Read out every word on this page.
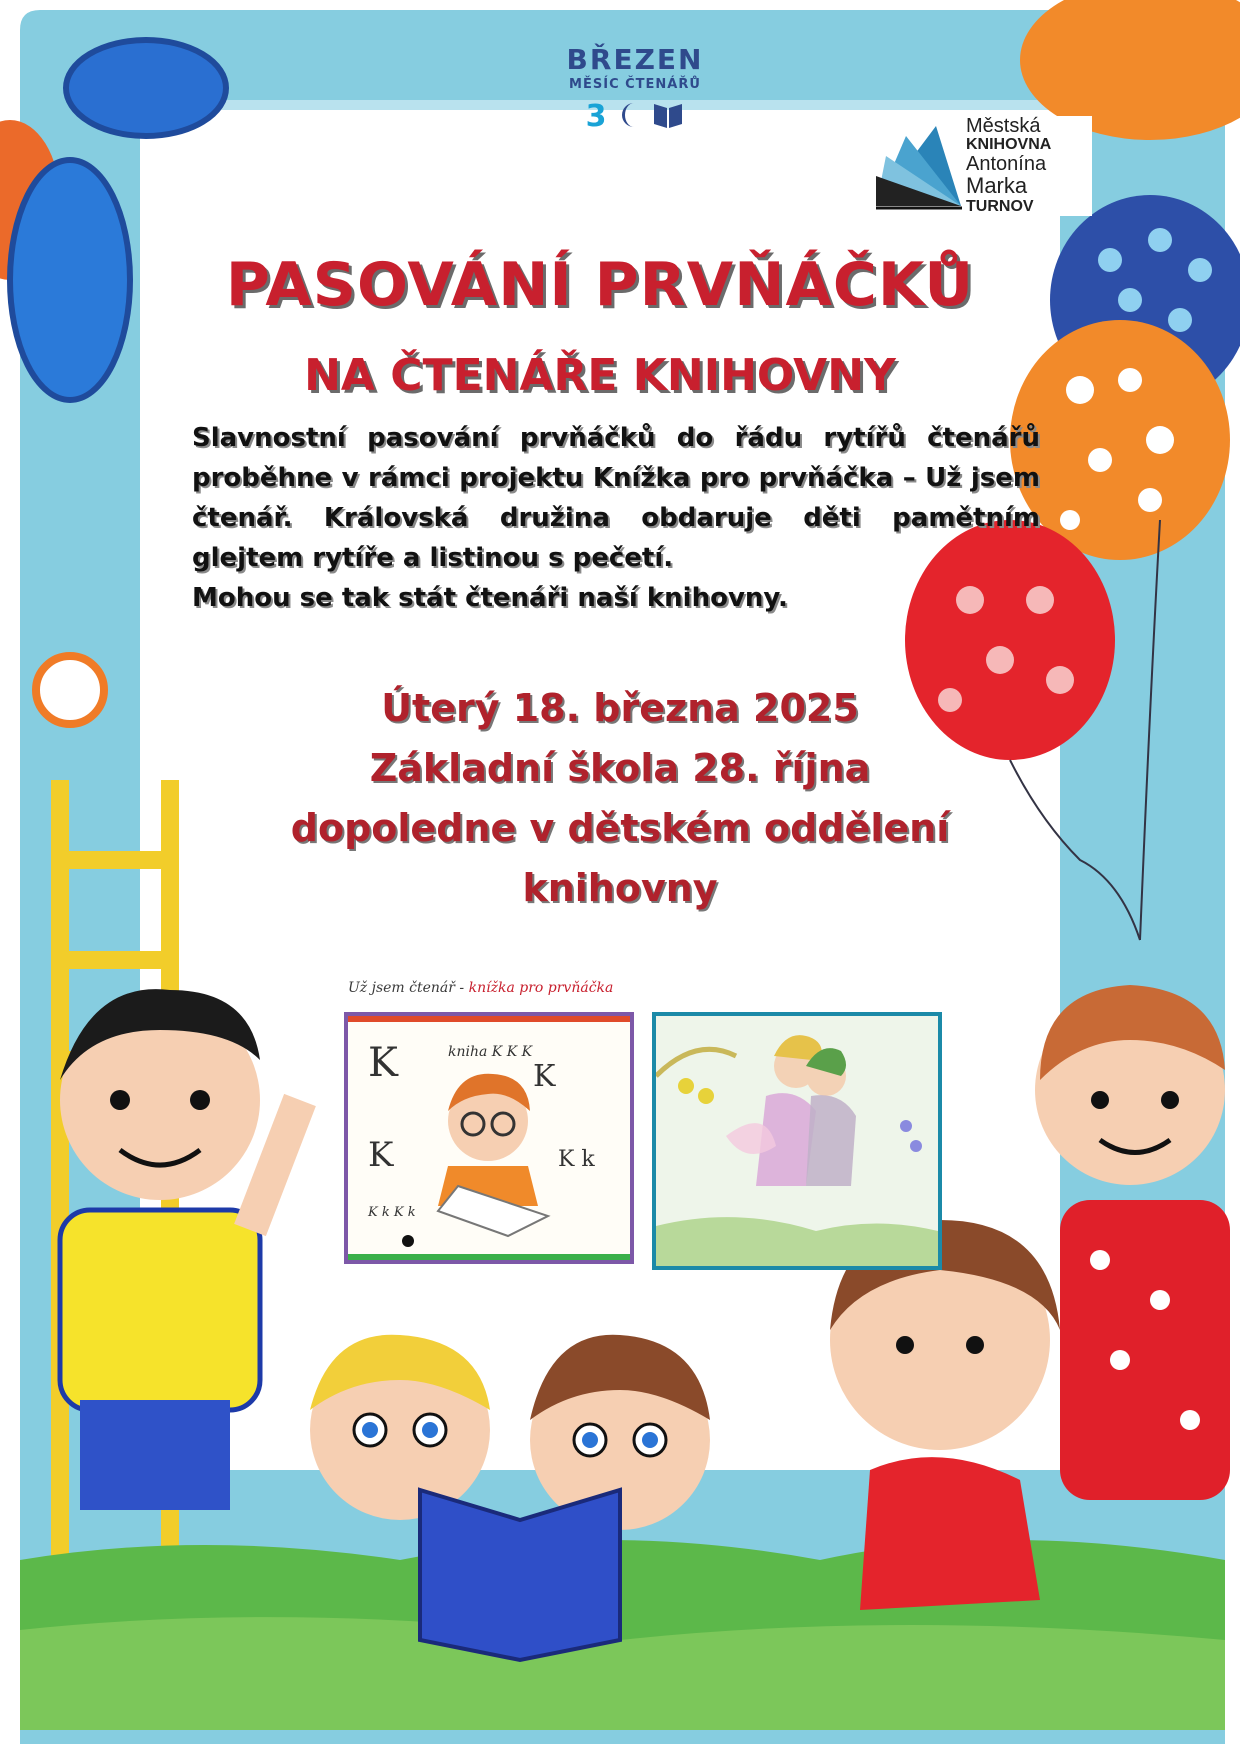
BŘEZEN
MĚSÍC ČTENÁŘŮ
3	Městská
KNIHOVNA
Antonína
Marka
TURNOV
PASOVÁNÍ PRVŇÁČKŮ
NA ČTENÁŘE KNIHOVNY

Slavnostní pasování prvňáčků do řádu rytířů čtenářů proběhne v rámci projektu Knížka pro prvňáčka – Už jsem čtenář. Královská družina obdaruje děti pamětním glejtem rytíře a listinou s pečetí.

Mohou se tak stát čtenáři naší knihovny.

Úterý 18. března 2025
Základní škola 28. října
dopoledne v dětském oddělení
knihovny
Už jsem čtenář - knížka pro prvňáčka
K	K
K	K k
kniha K K K
K k K k
